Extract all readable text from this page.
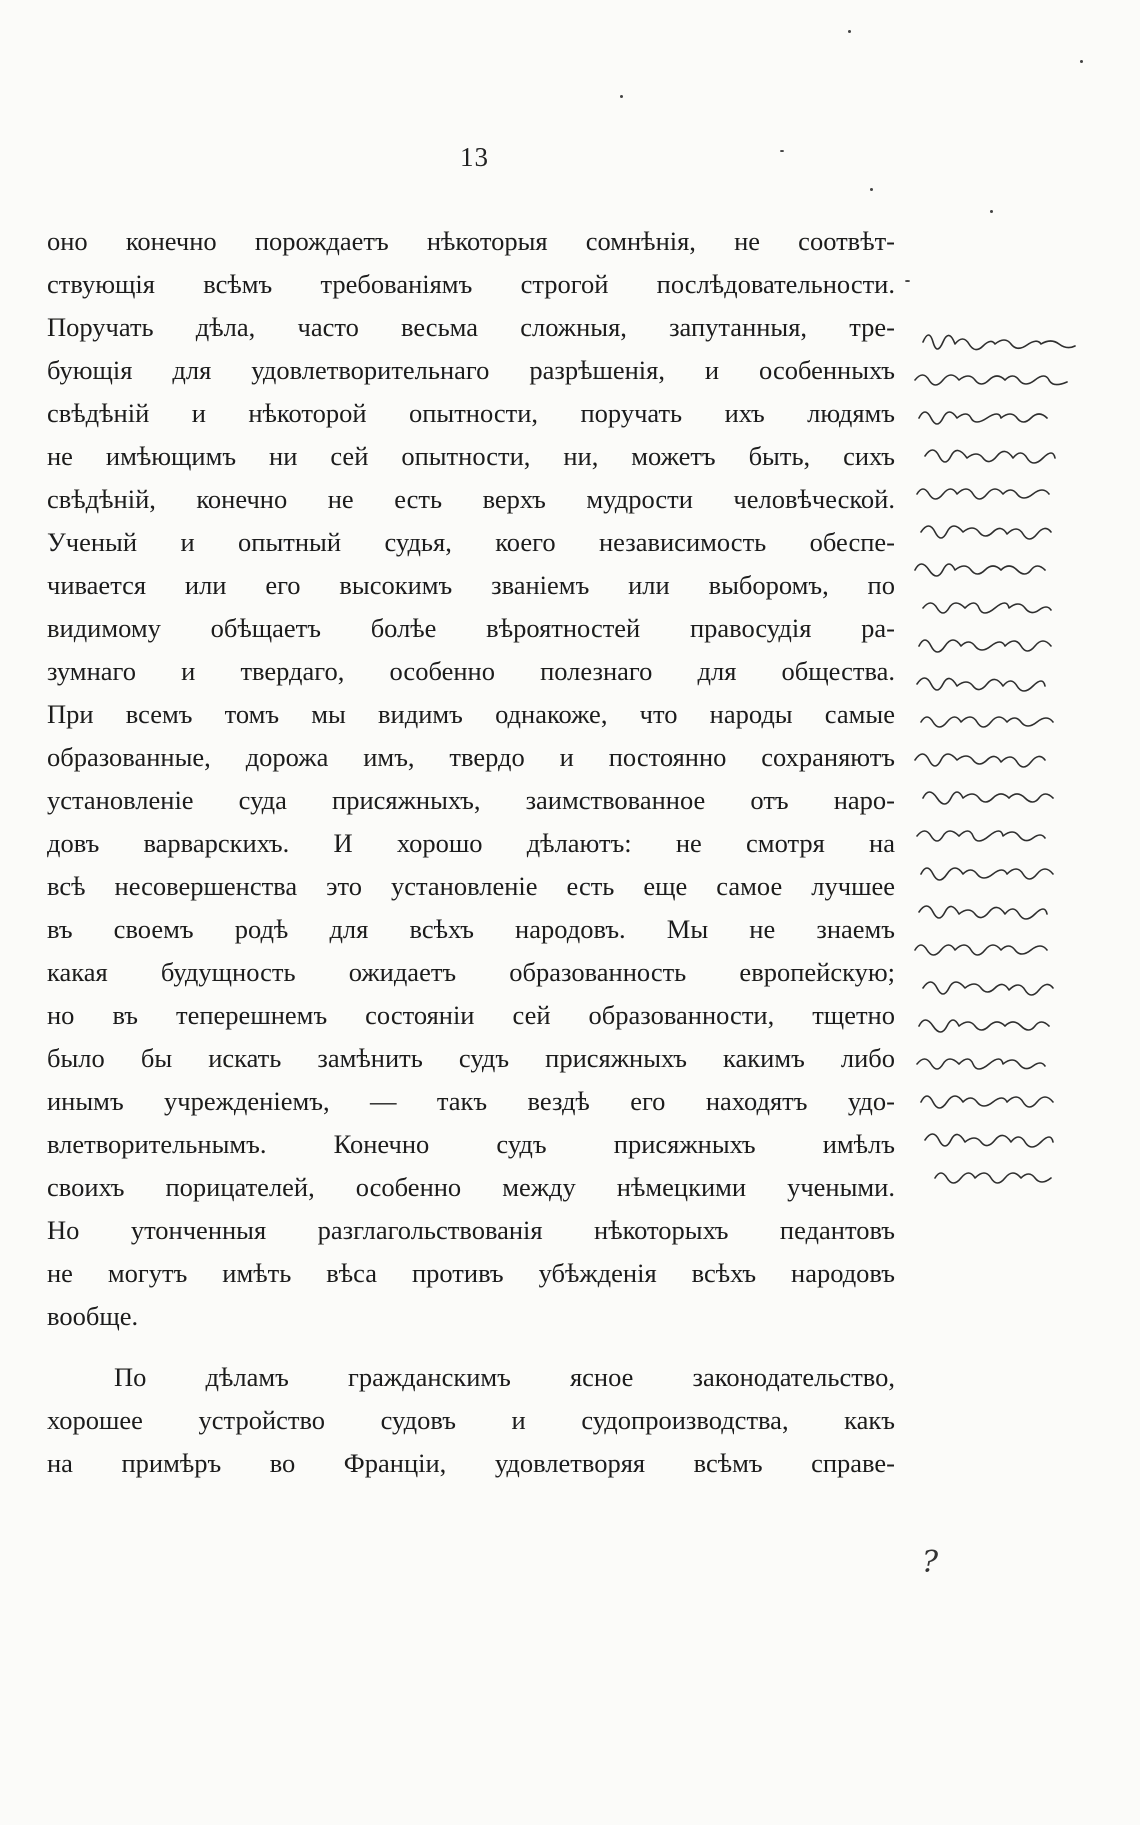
13
оно конечно порождаетъ нѣкоторыя сомнѣнія, не соотвѣт-
ствующія всѣмъ требованіямъ строгой послѣдовательности.
Поручать дѣла, часто весьма сложныя, запутанныя, тре-
бующія для удовлетворительнаго разрѣшенія, и особенныхъ
свѣдѣній и нѣкоторой опытности, поручать ихъ людямъ
не имѣющимъ ни сей опытности, ни, можетъ быть, сихъ
свѣдѣній, конечно не есть верхъ мудрости человѣческой.
Ученый и опытный судья, коего независимость обеспе-
чивается или его высокимъ званіемъ или выборомъ, по
видимому обѣщаетъ болѣе вѣроятностей правосудія ра-
зумнаго и твердаго, особенно полезнаго для общества.
При всемъ томъ мы видимъ однакоже, что народы самые
образованные, дорожа имъ, твердо и постоянно сохраняютъ
установленіе суда присяжныхъ, заимствованное отъ наро-
довъ варварскихъ. И хорошо дѣлаютъ: не смотря на
всѣ несовершенства это установленіе есть еще самое лучшее
въ своемъ родѣ для всѣхъ народовъ. Мы не знаемъ
какая будущность ожидаетъ образованность европейскую;
но въ теперешнемъ состояніи сей образованности, тщетно
было бы искать замѣнить судъ присяжныхъ какимъ либо
инымъ учрежденіемъ, — такъ вездѣ его находятъ удо-
влетворительнымъ. Конечно судъ присяжныхъ имѣлъ
своихъ порицателей, особенно между нѣмецкими учеными.
Но утонченныя разглагольствованія нѣкоторыхъ педантовъ
не могутъ имѣть вѣса противъ убѣжденія всѣхъ народовъ
вообще.
По дѣламъ гражданскимъ ясное законодательство,
хорошее устройство судовъ и судопроизводства, какъ
на примѣръ во Франціи, удовлетворяя всѣмъ справе-
?
